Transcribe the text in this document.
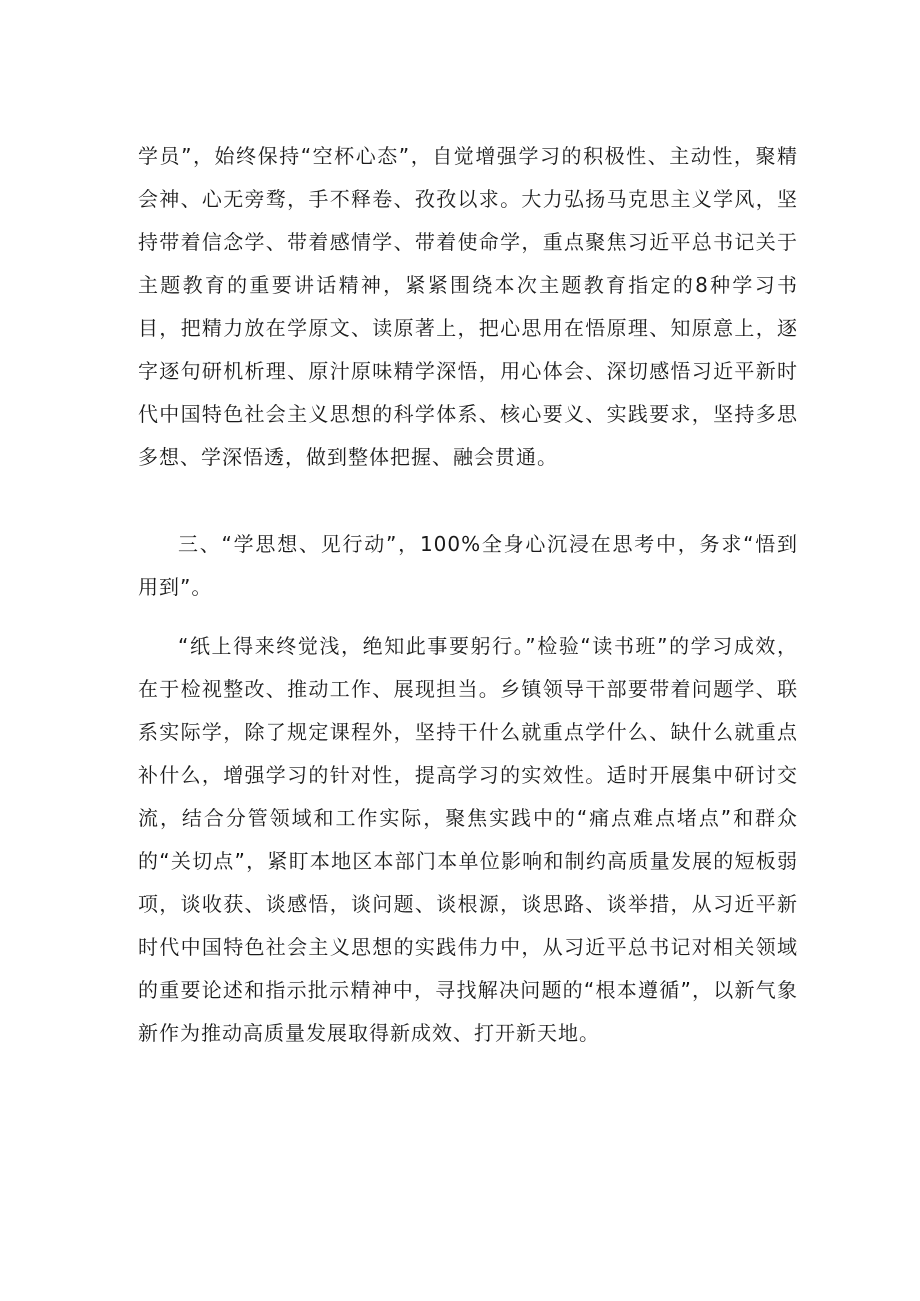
学员”，始终保持“空杯心态”，自觉增强学习的积极性、主动性，聚精会神、心无旁骛，手不释卷、孜孜以求。大力弘扬马克思主义学风，坚持带着信念学、带着感情学、带着使命学，重点聚焦习近平总书记关于主题教育的重要讲话精神，紧紧围绕本次主题教育指定的8种学习书目，把精力放在学原文、读原著上，把心思用在悟原理、知原意上，逐字逐句研机析理、原汁原味精学深悟，用心体会、深切感悟习近平新时代中国特色社会主义思想的科学体系、核心要义、实践要求，坚持多思多想、学深悟透，做到整体把握、融会贯通。

三、“学思想、见行动”，100%全身心沉浸在思考中，务求“悟到用到”。

“纸上得来终觉浅，绝知此事要躬行。”检验“读书班”的学习成效，在于检视整改、推动工作、展现担当。乡镇领导干部要带着问题学、联系实际学，除了规定课程外，坚持干什么就重点学什么、缺什么就重点补什么，增强学习的针对性，提高学习的实效性。适时开展集中研讨交流，结合分管领域和工作实际，聚焦实践中的“痛点难点堵点”和群众的“关切点”，紧盯本地区本部门本单位影响和制约高质量发展的短板弱项，谈收获、谈感悟，谈问题、谈根源，谈思路、谈举措，从习近平新时代中国特色社会主义思想的实践伟力中，从习近平总书记对相关领域的重要论述和指示批示精神中，寻找解决问题的“根本遵循”，以新气象新作为推动高质量发展取得新成效、打开新天地。
